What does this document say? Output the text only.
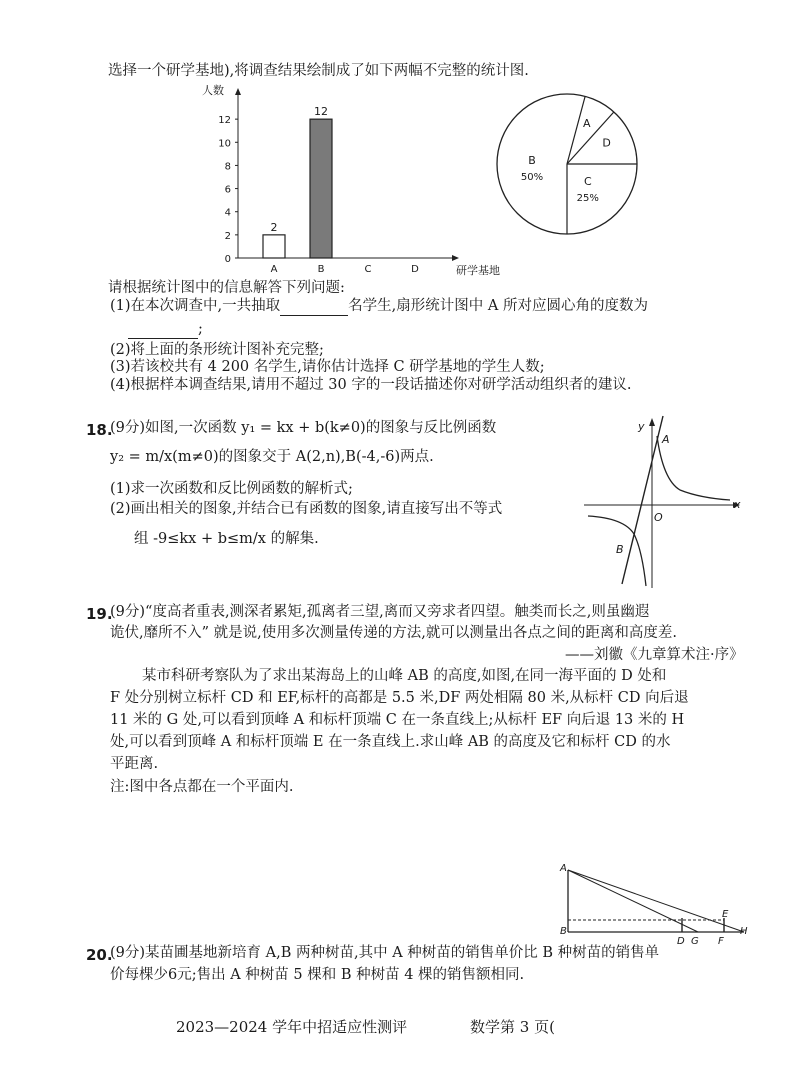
选择一个研学基地),将调查结果绘制成了如下两幅不完整的统计图.
人数
研学基地
0
2
4
6
8
10
12
A
2
B
12
C	D
A
D
C
25%
B
50%
请根据统计图中的信息解答下列问题:
(1)在本次调查中,一共抽取	名学生,扇形统计图中 A 所对应圆心角的度数为
;
(2)将上面的条形统计图补充完整;
(3)若该校共有 4 200 名学生,请你估计选择 C 研学基地的学生人数;
(4)根据样本调查结果,请用不超过 30 字的一段话描述你对研学活动组织者的建议.
18.
(9分)如图,一次函数 y₁ = kx + b(k≠0)的图象与反比例函数
y₂ = m/x(m≠0)的图象交于 A(2,n),B(-4,-6)两点.
(1)求一次函数和反比例函数的解析式;
(2)画出相关的图象,并结合已有函数的图象,请直接写出不等式
组 -9≤kx + b≤m/x 的解集.
y
x
O
A
B
19.
(9分)“度高者重表,测深者累矩,孤离者三望,离而又旁求者四望。触类而长之,则虽幽遐
诡伏,靡所不入” 就是说,使用多次测量传递的方法,就可以测量出各点之间的距离和高度差.
——刘徽《九章算术注·序》
某市科研考察队为了求出某海岛上的山峰 AB 的高度,如图,在同一海平面的 D 处和
F 处分别树立标杆 CD 和 EF,标杆的高都是 5.5 米,DF 两处相隔 80 米,从标杆 CD 向后退
11 米的 G 处,可以看到顶峰 A 和标杆顶端 C 在一条直线上;从标杆 EF 向后退 13 米的 H
处,可以看到顶峰 A 和标杆顶端 E 在一条直线上.求山峰 AB 的高度及它和标杆 CD 的水
平距离.
注:图中各点都在一个平面内.
A
B
D G F
H
E
20.
(9分)某苗圃基地新培育 A,B 两种树苗,其中 A 种树苗的销售单价比 B 种树苗的销售单
价每棵少6元;售出 A 种树苗 5 棵和 B 种树苗 4 棵的销售额相同.
2023—2024 学年中招适应性测评	数学第 3 页(
